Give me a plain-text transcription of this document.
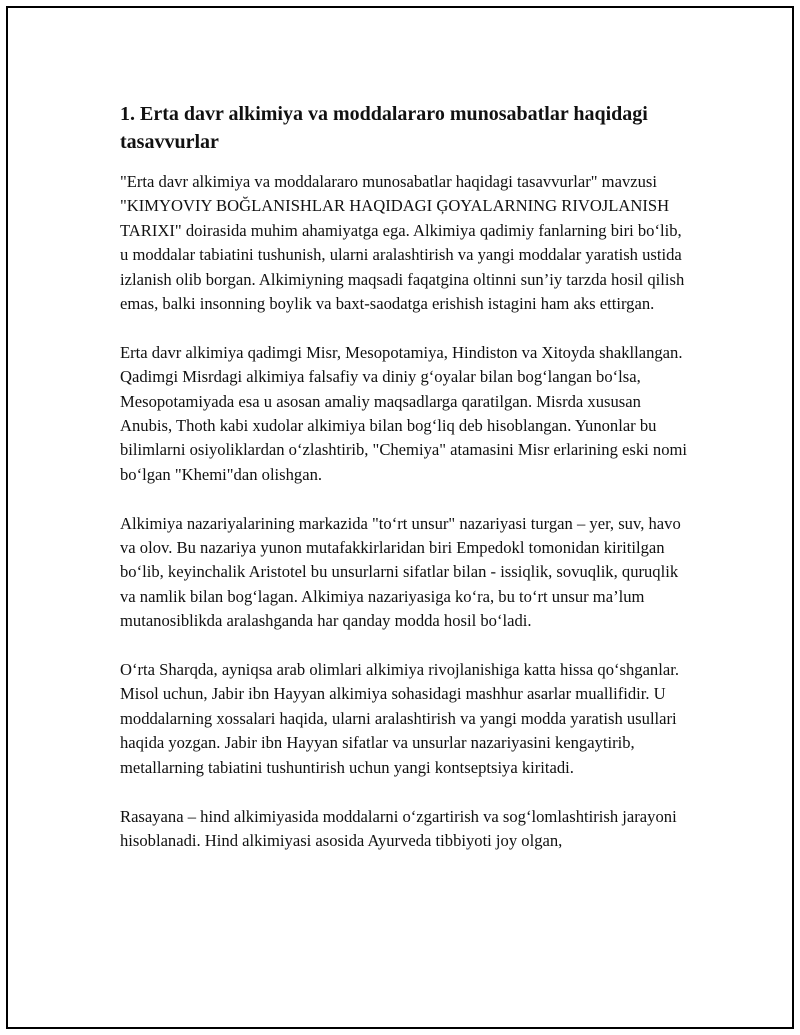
1. Erta davr alkimiya va moddalararo munosabatlar haqidagi tasavvurlar

"Erta davr alkimiya va moddalararo munosabatlar haqidagi tasavvurlar" mavzusi "KIMYOVIY BOĞLANISHLAR HAQIDAGI ĢOYALARNING RIVOJLANISH TARIXI" doirasida muhim ahamiyatga ega. Alkimiya qadimiy fanlarning biri bo‘lib, u moddalar tabiatini tushunish, ularni aralashtirish va yangi moddalar yaratish ustida izlanish olib borgan. Alkimiyning maqsadi faqatgina oltinni sun’iy tarzda hosil qilish emas, balki insonning boylik va baxt-saodatga erishish istagini ham aks ettirgan.

Erta davr alkimiya qadimgi Misr, Mesopotamiya, Hindiston va Xitoyda shakllangan. Qadimgi Misrdagi alkimiya falsafiy va diniy g‘oyalar bilan bog‘langan bo‘lsa, Mesopotamiyada esa u asosan amaliy maqsadlarga qaratilgan. Misrda xususan Anubis, Thoth kabi xudolar alkimiya bilan bog‘liq deb hisoblangan. Yunonlar bu bilimlarni osiyoliklardan o‘zlashtirib, "Chemiya" atamasini Misr erlarining eski nomi bo‘lgan "Khemi"dan olishgan.

Alkimiya nazariyalarining markazida "to‘rt unsur" nazariyasi turgan – yer, suv, havo va olov. Bu nazariya yunon mutafakkirlaridan biri Empedokl tomonidan kiritilgan bo‘lib, keyinchalik Aristotel bu unsurlarni sifatlar bilan - issiqlik, sovuqlik, quruqlik va namlik bilan bog‘lagan. Alkimiya nazariyasiga ko‘ra, bu to‘rt unsur ma’lum mutanosiblikda aralashganda har qanday modda hosil bo‘ladi.

O‘rta Sharqda, ayniqsa arab olimlari alkimiya rivojlanishiga katta hissa qo‘shganlar. Misol uchun, Jabir ibn Hayyan alkimiya sohasidagi mashhur asarlar muallifidir. U moddalarning xossalari haqida, ularni aralashtirish va yangi modda yaratish usullari haqida yozgan. Jabir ibn Hayyan sifatlar va unsurlar nazariyasini kengaytirib, metallarning tabiatini tushuntirish uchun yangi kontseptsiya kiritadi.

Rasayana – hind alkimiyasida moddalarni o‘zgartirish va sog‘lomlashtirish jarayoni hisoblanadi. Hind alkimiyasi asosida Ayurveda tibbiyoti joy olgan,
